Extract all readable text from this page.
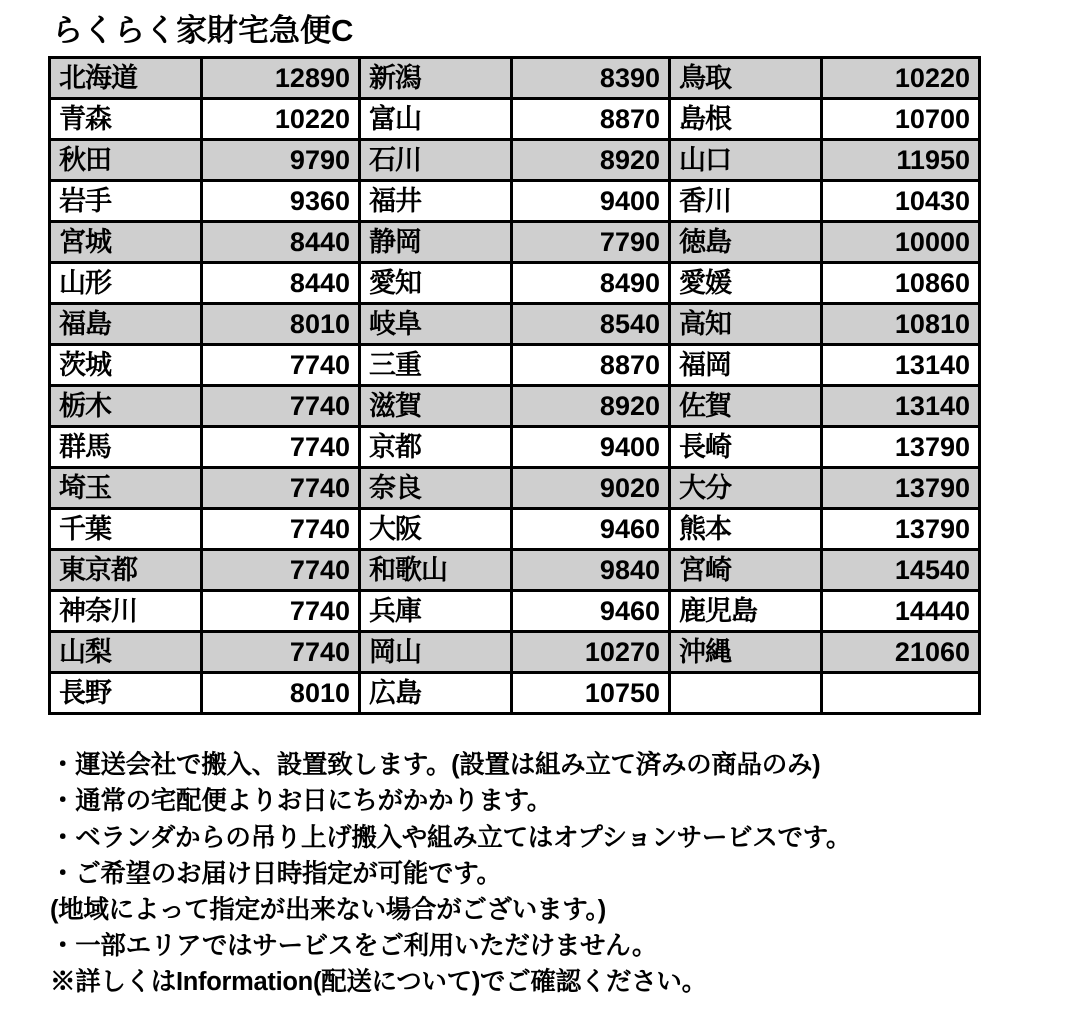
らくらく家財宅急便C
北海道	12890	新潟	8390	鳥取	10220
青森	10220	富山	8870	島根	10700
秋田	9790	石川	8920	山口	11950
岩手	9360	福井	9400	香川	10430
宮城	8440	静岡	7790	徳島	10000
山形	8440	愛知	8490	愛媛	10860
福島	8010	岐阜	8540	高知	10810
茨城	7740	三重	8870	福岡	13140
栃木	7740	滋賀	8920	佐賀	13140
群馬	7740	京都	9400	長崎	13790
埼玉	7740	奈良	9020	大分	13790
千葉	7740	大阪	9460	熊本	13790
東京都	7740	和歌山	9840	宮崎	14540
神奈川	7740	兵庫	9460	鹿児島	14440
山梨	7740	岡山	10270	沖縄	21060
長野	8010	広島	10750		
・運送会社で搬入、設置致します。(設置は組み立て済みの商品のみ)
・通常の宅配便よりお日にちがかかります。
・ベランダからの吊り上げ搬入や組み立てはオプションサービスです。
・ご希望のお届け日時指定が可能です。
(地域によって指定が出来ない場合がございます。)
・一部エリアではサービスをご利用いただけません。
※詳しくはInformation(配送について)でご確認ください。
